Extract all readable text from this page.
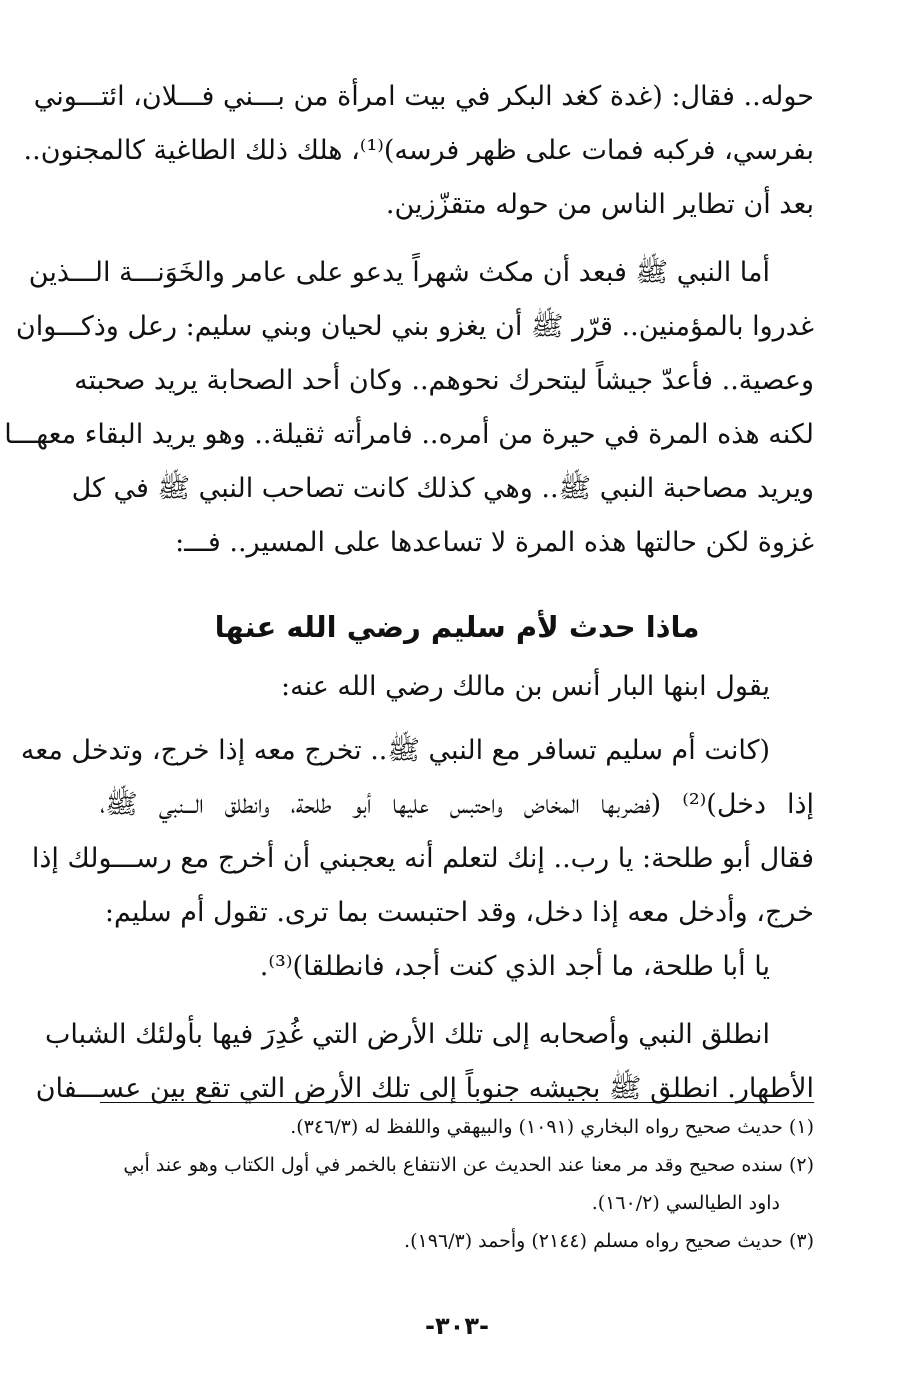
حوله.. فقال: (غدة كغد البكر في بيت امرأة من بـــني فـــلان، ائتـــوني
بفرسي، فركبه فمات على ظهر فرسه)⁽¹⁾، هلك ذلك الطاغية كالمجنون..
بعد أن تطاير الناس من حوله متقزّزين.
أما النبي ﷺ فبعد أن مكث شهراً يدعو على عامر والخَوَنـــة الـــذين
غدروا بالمؤمنين.. قرّر ﷺ أن يغزو بني لحيان وبني سليم: رعل وذكـــوان
وعصية.. فأعدّ جيشاً ليتحرك نحوهم.. وكان أحد الصحابة يريد صحبته
لكنه هذه المرة في حيرة من أمره.. فامرأته ثقيلة.. وهو يريد البقاء معهـــا
ويريد مصاحبة النبي ﷺ.. وهي كذلك كانت تصاحب النبي ﷺ في كل
غزوة لكن حالتها هذه المرة لا تساعدها على المسير.. فـــ:
ماذا حدث لأم سليم رضي الله عنها
يقول ابنها البار أنس بن مالك رضي الله عنه:
(كانت أم سليم تسافر مع النبي ﷺ.. تخرج معه إذا خرج، وتدخل معه
إذا دخل)⁽²⁾ (فضربها المخاض واحتبس عليها أبو طلحة، وانطلق الـــنبي ﷺ،
فقال أبو طلحة: يا رب.. إنك لتعلم أنه يعجبني أن أخرج مع رســـولك إذا
خرج، وأدخل معه إذا دخل، وقد احتبست بما ترى. تقول أم سليم:
يا أبا طلحة، ما أجد الذي كنت أجد، فانطلقا)⁽³⁾.
انطلق النبي وأصحابه إلى تلك الأرض التي غُدِرَ فيها بأولئك الشباب
الأطهار. انطلق ﷺ بجيشه جنوباً إلى تلك الأرض التي تقع بين عســـفان
(١) حديث صحيح رواه البخاري (١٠٩١) والبيهقي واللفظ له (٣٤٦/٣).
(٢) سنده صحيح وقد مر معنا عند الحديث عن الانتفاع بالخمر في أول الكتاب وهو عند أبي
داود الطيالسي (١٦٠/٢).
(٣) حديث صحيح رواه مسلم (٢١٤٤) وأحمد (١٩٦/٣).
-٣٠٣-
